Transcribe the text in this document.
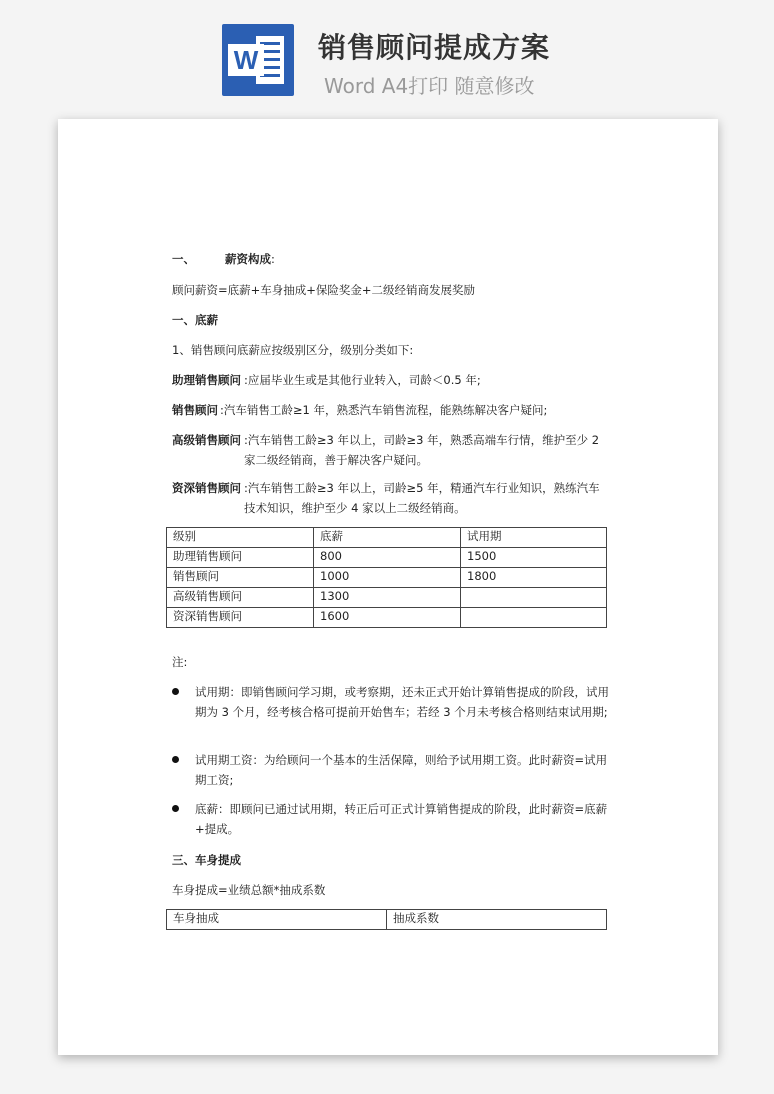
W 销售顾问提成方案
Word A4打印 随意修改
一、	薪资构成:
顾问薪资=底薪+车身抽成+保险奖金+二级经销商发展奖励
一、底薪
1、销售顾问底薪应按级别区分，级别分类如下:
助理销售顾问 :应届毕业生或是其他行业转入，司龄＜0.5 年;
销售顾问 :汽车销售工龄≥1 年，熟悉汽车销售流程，能熟练解决客户疑问;
高级销售顾问 :汽车销售工龄≥3 年以上，司龄≥3 年，熟悉高端车行情，维护至少 2 家二级经销商，善于解决客户疑问。
资深销售顾问 :汽车销售工龄≥3 年以上，司龄≥5 年，精通汽车行业知识，熟练汽车技术知识，维护至少 4 家以上二级经销商。
级别	底薪	试用期
助理销售顾问	800	1500
销售顾问	1000	1800
高级销售顾问	1300	
资深销售顾问	1600	
注:
试用期：即销售顾问学习期，或考察期，还未正式开始计算销售提成的阶段，试用期为 3 个月，经考核合格可提前开始售车；若经 3 个月未考核合格则结束试用期;
试用期工资：为给顾问一个基本的生活保障，则给予试用期工资。此时薪资=试用期工资;
底薪：即顾问已通过试用期，转正后可正式计算销售提成的阶段，此时薪资=底薪+提成。
三、车身提成
车身提成=业绩总额*抽成系数
车身抽成	抽成系数
